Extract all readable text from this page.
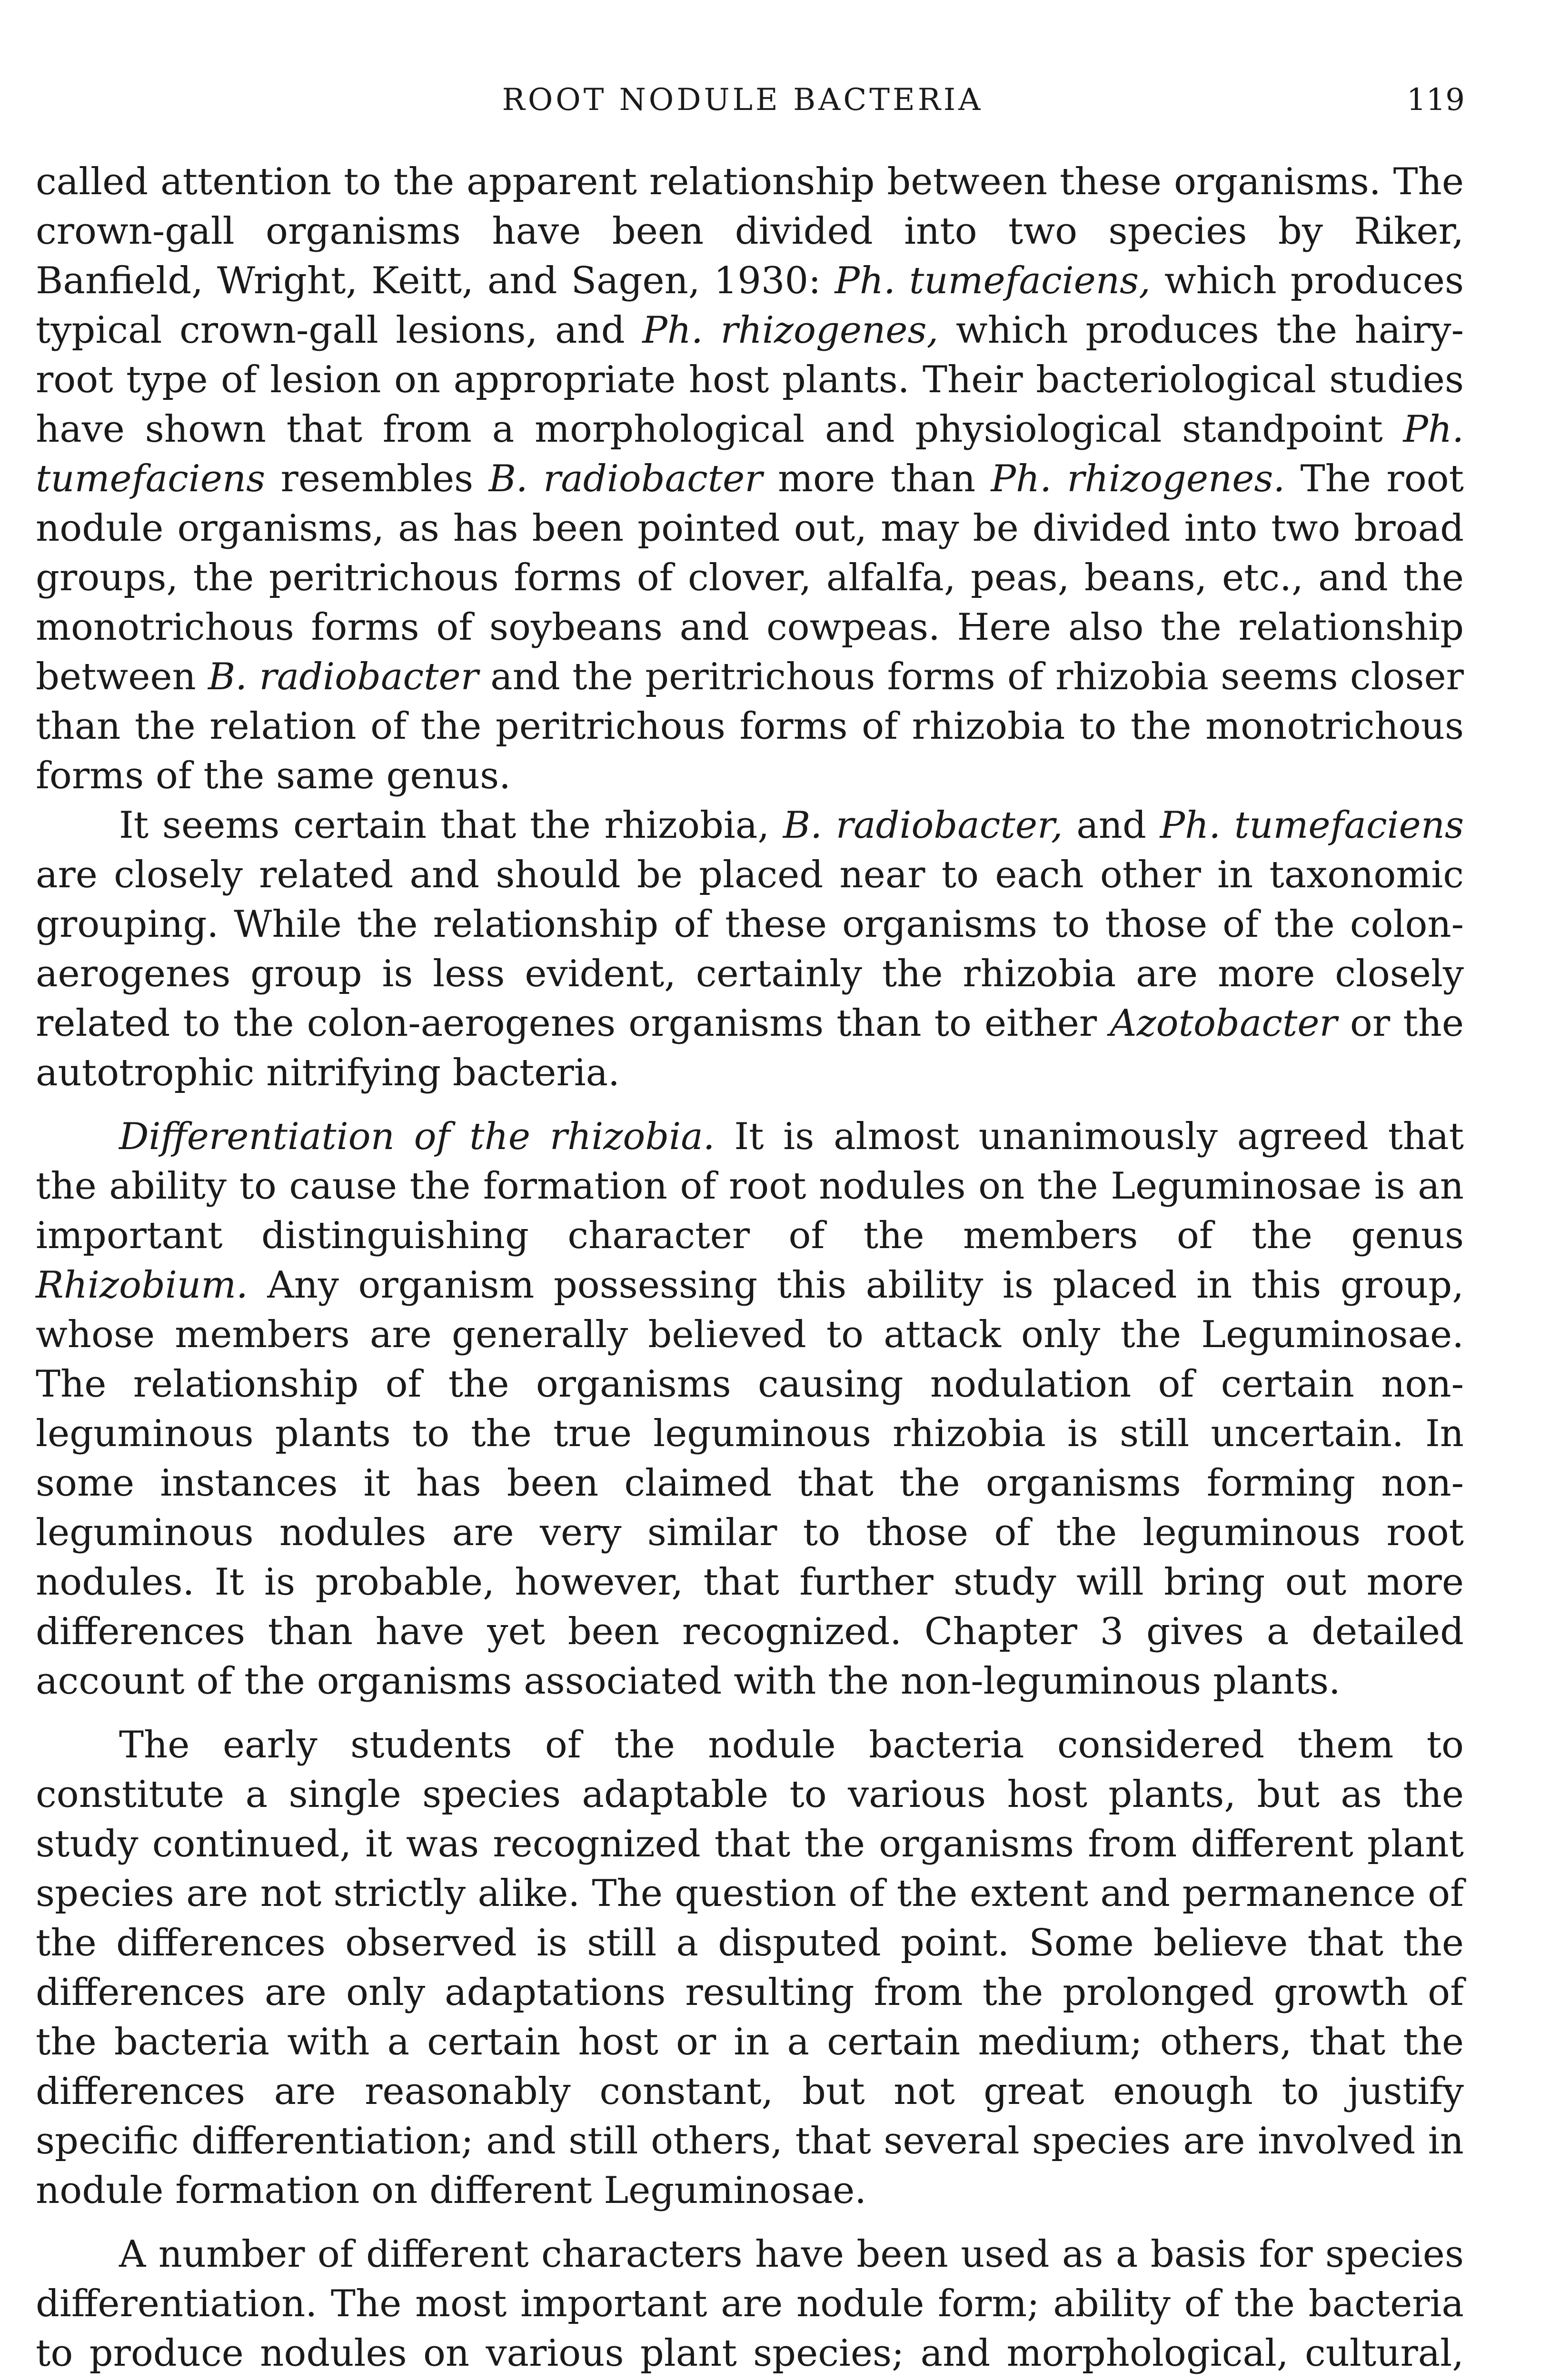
ROOT NODULE BACTERIA	119

called attention to the apparent relationship between these organisms. The crown-gall organisms have been divided into two species by Riker, Banfield, Wright, Keitt, and Sagen, 1930: Ph. tumefaciens, which produces typical crown-gall lesions, and Ph. rhizogenes, which produces the hairy-root type of lesion on appropriate host plants. Their bacteriological studies have shown that from a morphological and physiological standpoint Ph. tumefaciens resembles B. radiobacter more than Ph. rhizogenes. The root nodule organisms, as has been pointed out, may be divided into two broad groups, the peritrichous forms of clover, alfalfa, peas, beans, etc., and the monotrichous forms of soybeans and cowpeas. Here also the relationship between B. radiobacter and the peritrichous forms of rhizobia seems closer than the relation of the peritrichous forms of rhizobia to the monotrichous forms of the same genus.

It seems certain that the rhizobia, B. radiobacter, and Ph. tumefaciens are closely related and should be placed near to each other in taxonomic grouping. While the relationship of these organisms to those of the colon-aerogenes group is less evident, certainly the rhizobia are more closely related to the colon-aerogenes organisms than to either Azotobacter or the autotrophic nitrifying bacteria.

Differentiation of the rhizobia. It is almost unanimously agreed that the ability to cause the formation of root nodules on the Leguminosae is an important distinguishing character of the members of the genus Rhizobium. Any organism possessing this ability is placed in this group, whose members are generally believed to attack only the Leguminosae. The relationship of the organisms causing nodulation of certain non-leguminous plants to the true leguminous rhizobia is still uncertain. In some instances it has been claimed that the organisms forming non-leguminous nodules are very similar to those of the leguminous root nodules. It is probable, however, that further study will bring out more differences than have yet been recognized. Chapter 3 gives a detailed account of the organisms associated with the non-leguminous plants.

The early students of the nodule bacteria considered them to constitute a single species adaptable to various host plants, but as the study continued, it was recognized that the organisms from different plant species are not strictly alike. The question of the extent and permanence of the differences observed is still a disputed point. Some believe that the differences are only adaptations resulting from the prolonged growth of the bacteria with a certain host or in a certain medium; others, that the differences are reasonably constant, but not great enough to justify specific differentiation; and still others, that several species are involved in nodule formation on different Leguminosae.

A number of different characters have been used as a basis for species differentiation. The most important are nodule form; ability of the bacteria to produce nodules on various plant species; and morphological, cultural,
